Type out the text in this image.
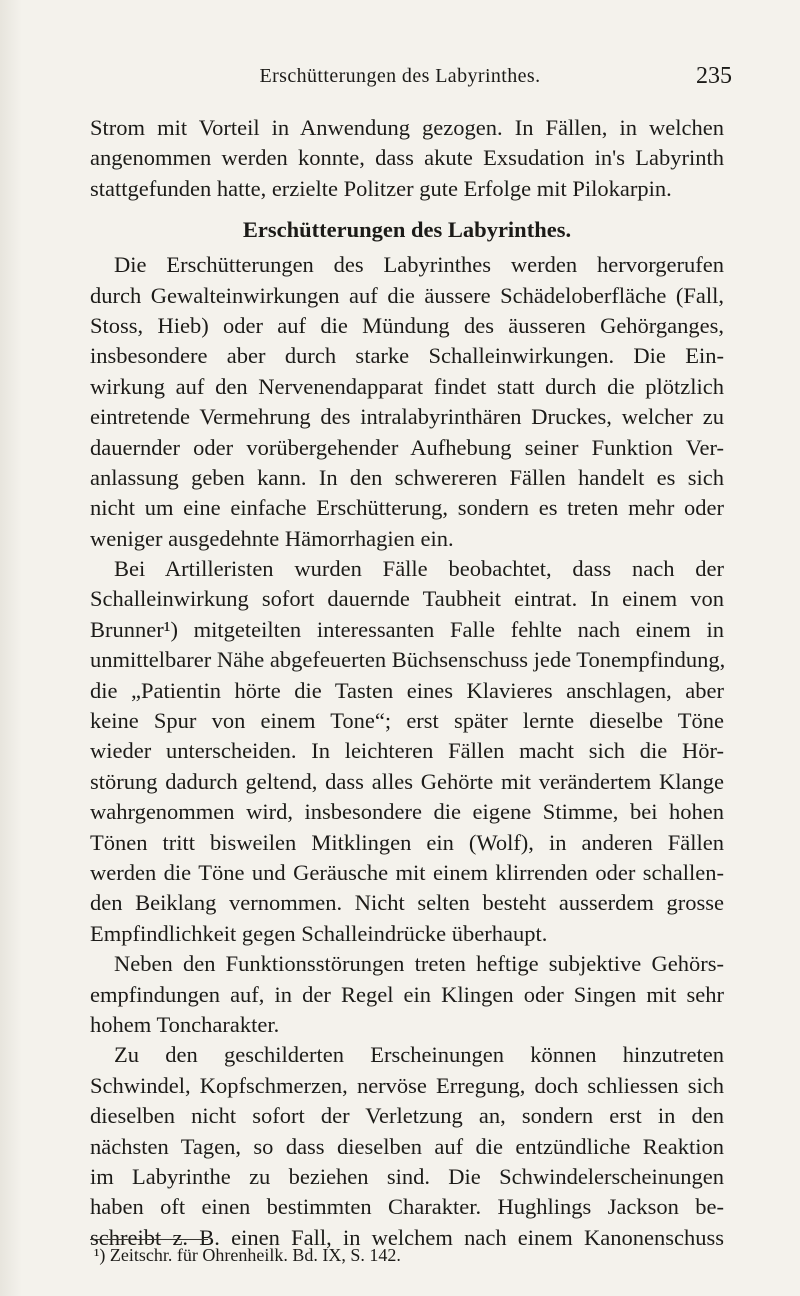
Erschütterungen des Labyrinthes.	235
Strom mit Vorteil in Anwendung gezogen. In Fällen, in welchen
angenommen werden konnte, dass akute Exsudation in's Labyrinth
stattgefunden hatte, erzielte Politzer gute Erfolge mit Pilokarpin.
Erschütterungen des Labyrinthes.
Die Erschütterungen des Labyrinthes werden hervorgerufen
durch Gewalteinwirkungen auf die äussere Schädeloberfläche (Fall,
Stoss, Hieb) oder auf die Mündung des äusseren Gehörganges,
insbesondere aber durch starke Schalleinwirkungen. Die Ein-
wirkung auf den Nervenendapparat findet statt durch die plötzlich
eintretende Vermehrung des intralabyrinthären Druckes, welcher zu
dauernder oder vorübergehender Aufhebung seiner Funktion Ver-
anlassung geben kann. In den schwereren Fällen handelt es sich
nicht um eine einfache Erschütterung, sondern es treten mehr oder
weniger ausgedehnte Hämorrhagien ein.
Bei Artilleristen wurden Fälle beobachtet, dass nach der
Schalleinwirkung sofort dauernde Taubheit eintrat. In einem von
Brunner¹) mitgeteilten interessanten Falle fehlte nach einem in
unmittelbarer Nähe abgefeuerten Büchsenschuss jede Tonempfindung,
die „Patientin hörte die Tasten eines Klavieres anschlagen, aber
keine Spur von einem Tone“; erst später lernte dieselbe Töne
wieder unterscheiden. In leichteren Fällen macht sich die Hör-
störung dadurch geltend, dass alles Gehörte mit verändertem Klange
wahrgenommen wird, insbesondere die eigene Stimme, bei hohen
Tönen tritt bisweilen Mitklingen ein (Wolf), in anderen Fällen
werden die Töne und Geräusche mit einem klirrenden oder schallen-
den Beiklang vernommen. Nicht selten besteht ausserdem grosse
Empfindlichkeit gegen Schalleindrücke überhaupt.
Neben den Funktionsstörungen treten heftige subjektive Gehörs-
empfindungen auf, in der Regel ein Klingen oder Singen mit sehr
hohem Toncharakter.
Zu den geschilderten Erscheinungen können hinzutreten
Schwindel, Kopfschmerzen, nervöse Erregung, doch schliessen sich
dieselben nicht sofort der Verletzung an, sondern erst in den
nächsten Tagen, so dass dieselben auf die entzündliche Reaktion
im Labyrinthe zu beziehen sind. Die Schwindelerscheinungen
haben oft einen bestimmten Charakter. Hughlings Jackson be-
schreibt z. B. einen Fall, in welchem nach einem Kanonenschuss
¹) Zeitschr. für Ohrenheilk. Bd. IX, S. 142.
